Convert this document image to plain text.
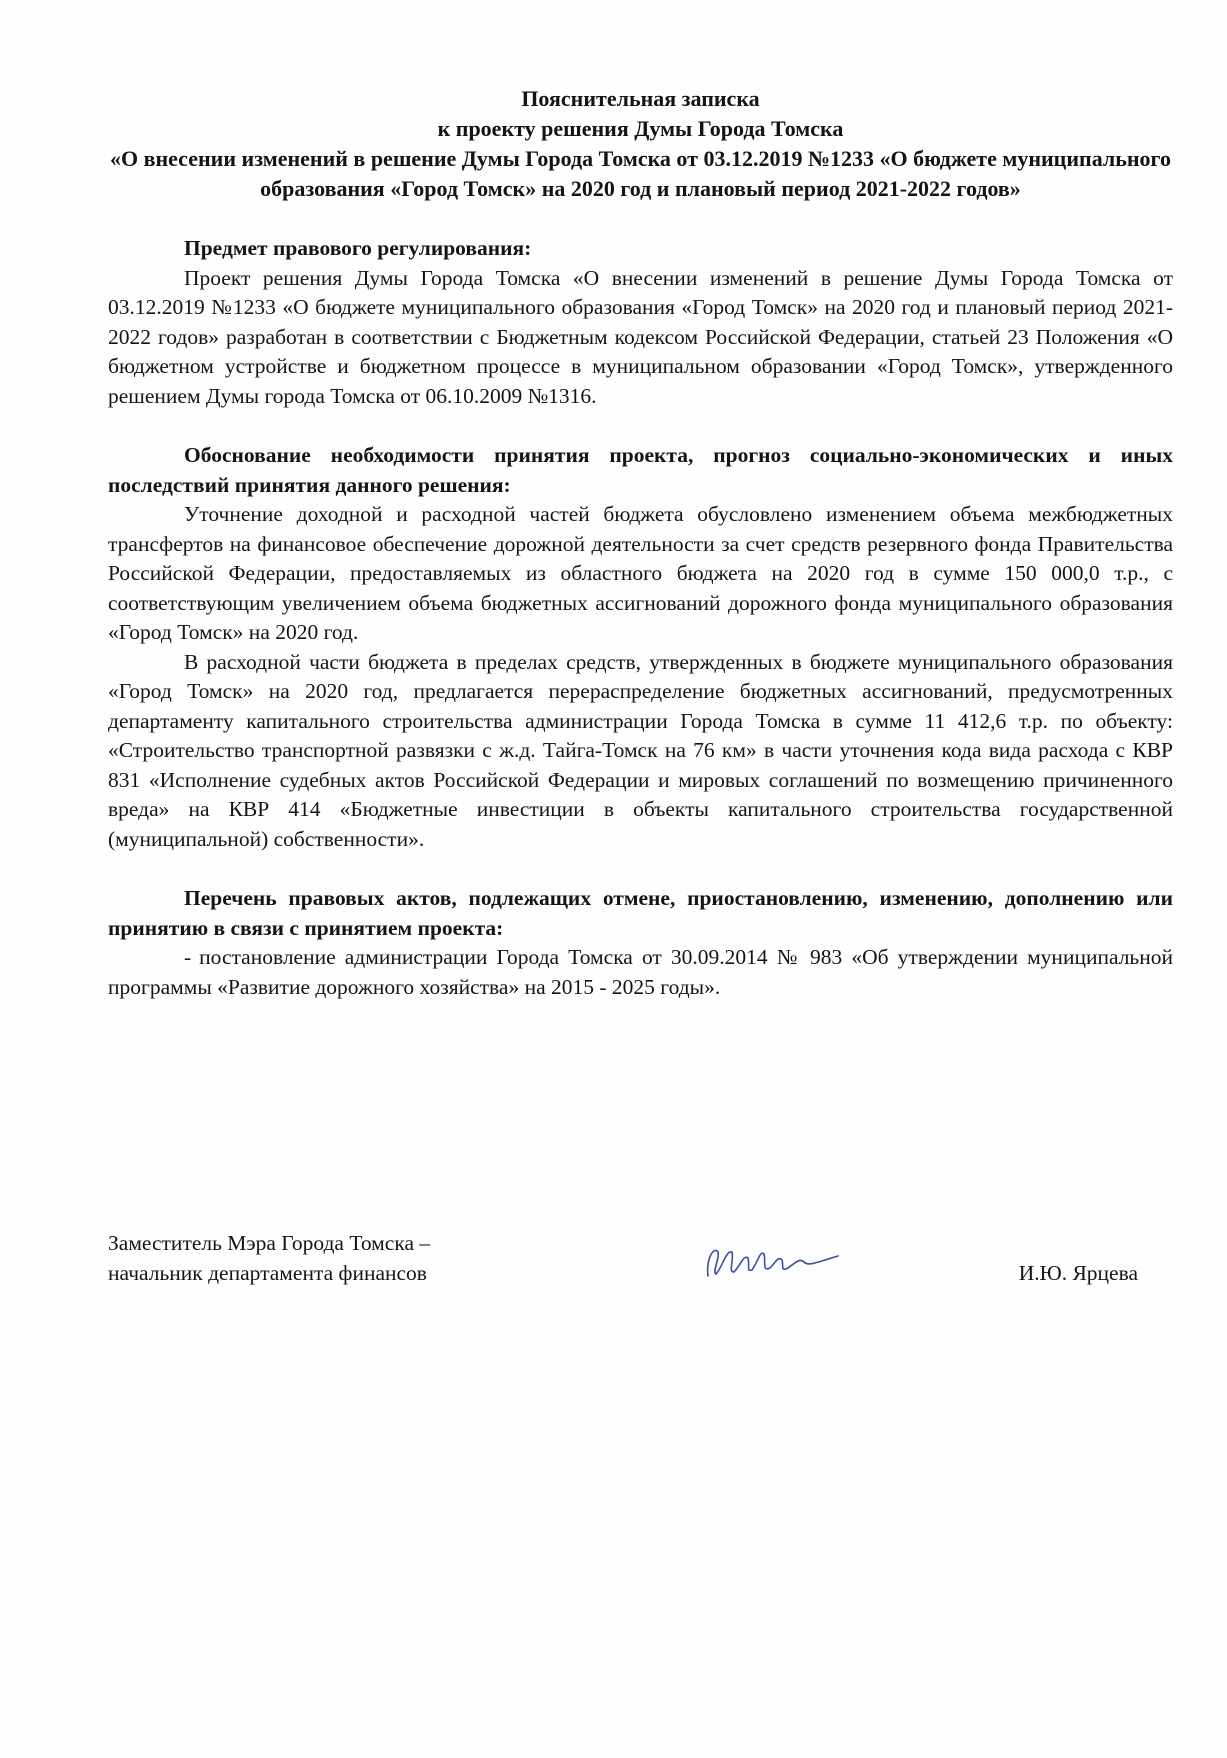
Пояснительная записка
к проекту решения Думы Города Томска
«О внесении изменений в решение Думы Города Томска от 03.12.2019 №1233 «О бюджете муниципального образования «Город Томск» на 2020 год и плановый период 2021-2022 годов»

Предмет правового регулирования:

Проект решения Думы Города Томска «О внесении изменений в решение Думы Города Томска от 03.12.2019 №1233 «О бюджете муниципального образования «Город Томск» на 2020 год и плановый период 2021-2022 годов» разработан в соответствии с Бюджетным кодексом Российской Федерации, статьей 23 Положения «О бюджетном устройстве и бюджетном процессе в муниципальном образовании «Город Томск», утвержденного решением Думы города Томска от 06.10.2009 №1316.

Обоснование необходимости принятия проекта, прогноз социально-экономических и иных последствий принятия данного решения:

Уточнение доходной и расходной частей бюджета обусловлено изменением объема межбюджетных трансфертов на финансовое обеспечение дорожной деятельности за счет средств резервного фонда Правительства Российской Федерации, предоставляемых из областного бюджета на 2020 год в сумме 150 000,0 т.р., с соответствующим увеличением объема бюджетных ассигнований дорожного фонда муниципального образования «Город Томск» на 2020 год.

В расходной части бюджета в пределах средств, утвержденных в бюджете муниципального образования «Город Томск» на 2020 год, предлагается перераспределение бюджетных ассигнований, предусмотренных департаменту капитального строительства администрации Города Томска в сумме 11 412,6 т.р. по объекту: «Строительство транспортной развязки с ж.д. Тайга-Томск на 76 км» в части уточнения кода вида расхода с КВР 831 «Исполнение судебных актов Российской Федерации и мировых соглашений по возмещению причиненного вреда» на КВР 414 «Бюджетные инвестиции в объекты капитального строительства государственной (муниципальной) собственности».

Перечень правовых актов, подлежащих отмене, приостановлению, изменению, дополнению или принятию в связи с принятием проекта:

- постановление администрации Города Томска от 30.09.2014 № 983 «Об утверждении муниципальной программы «Развитие дорожного хозяйства» на 2015 - 2025 годы».

Заместитель Мэра Города Томска –
начальник департамента финансов	И.Ю. Ярцева
